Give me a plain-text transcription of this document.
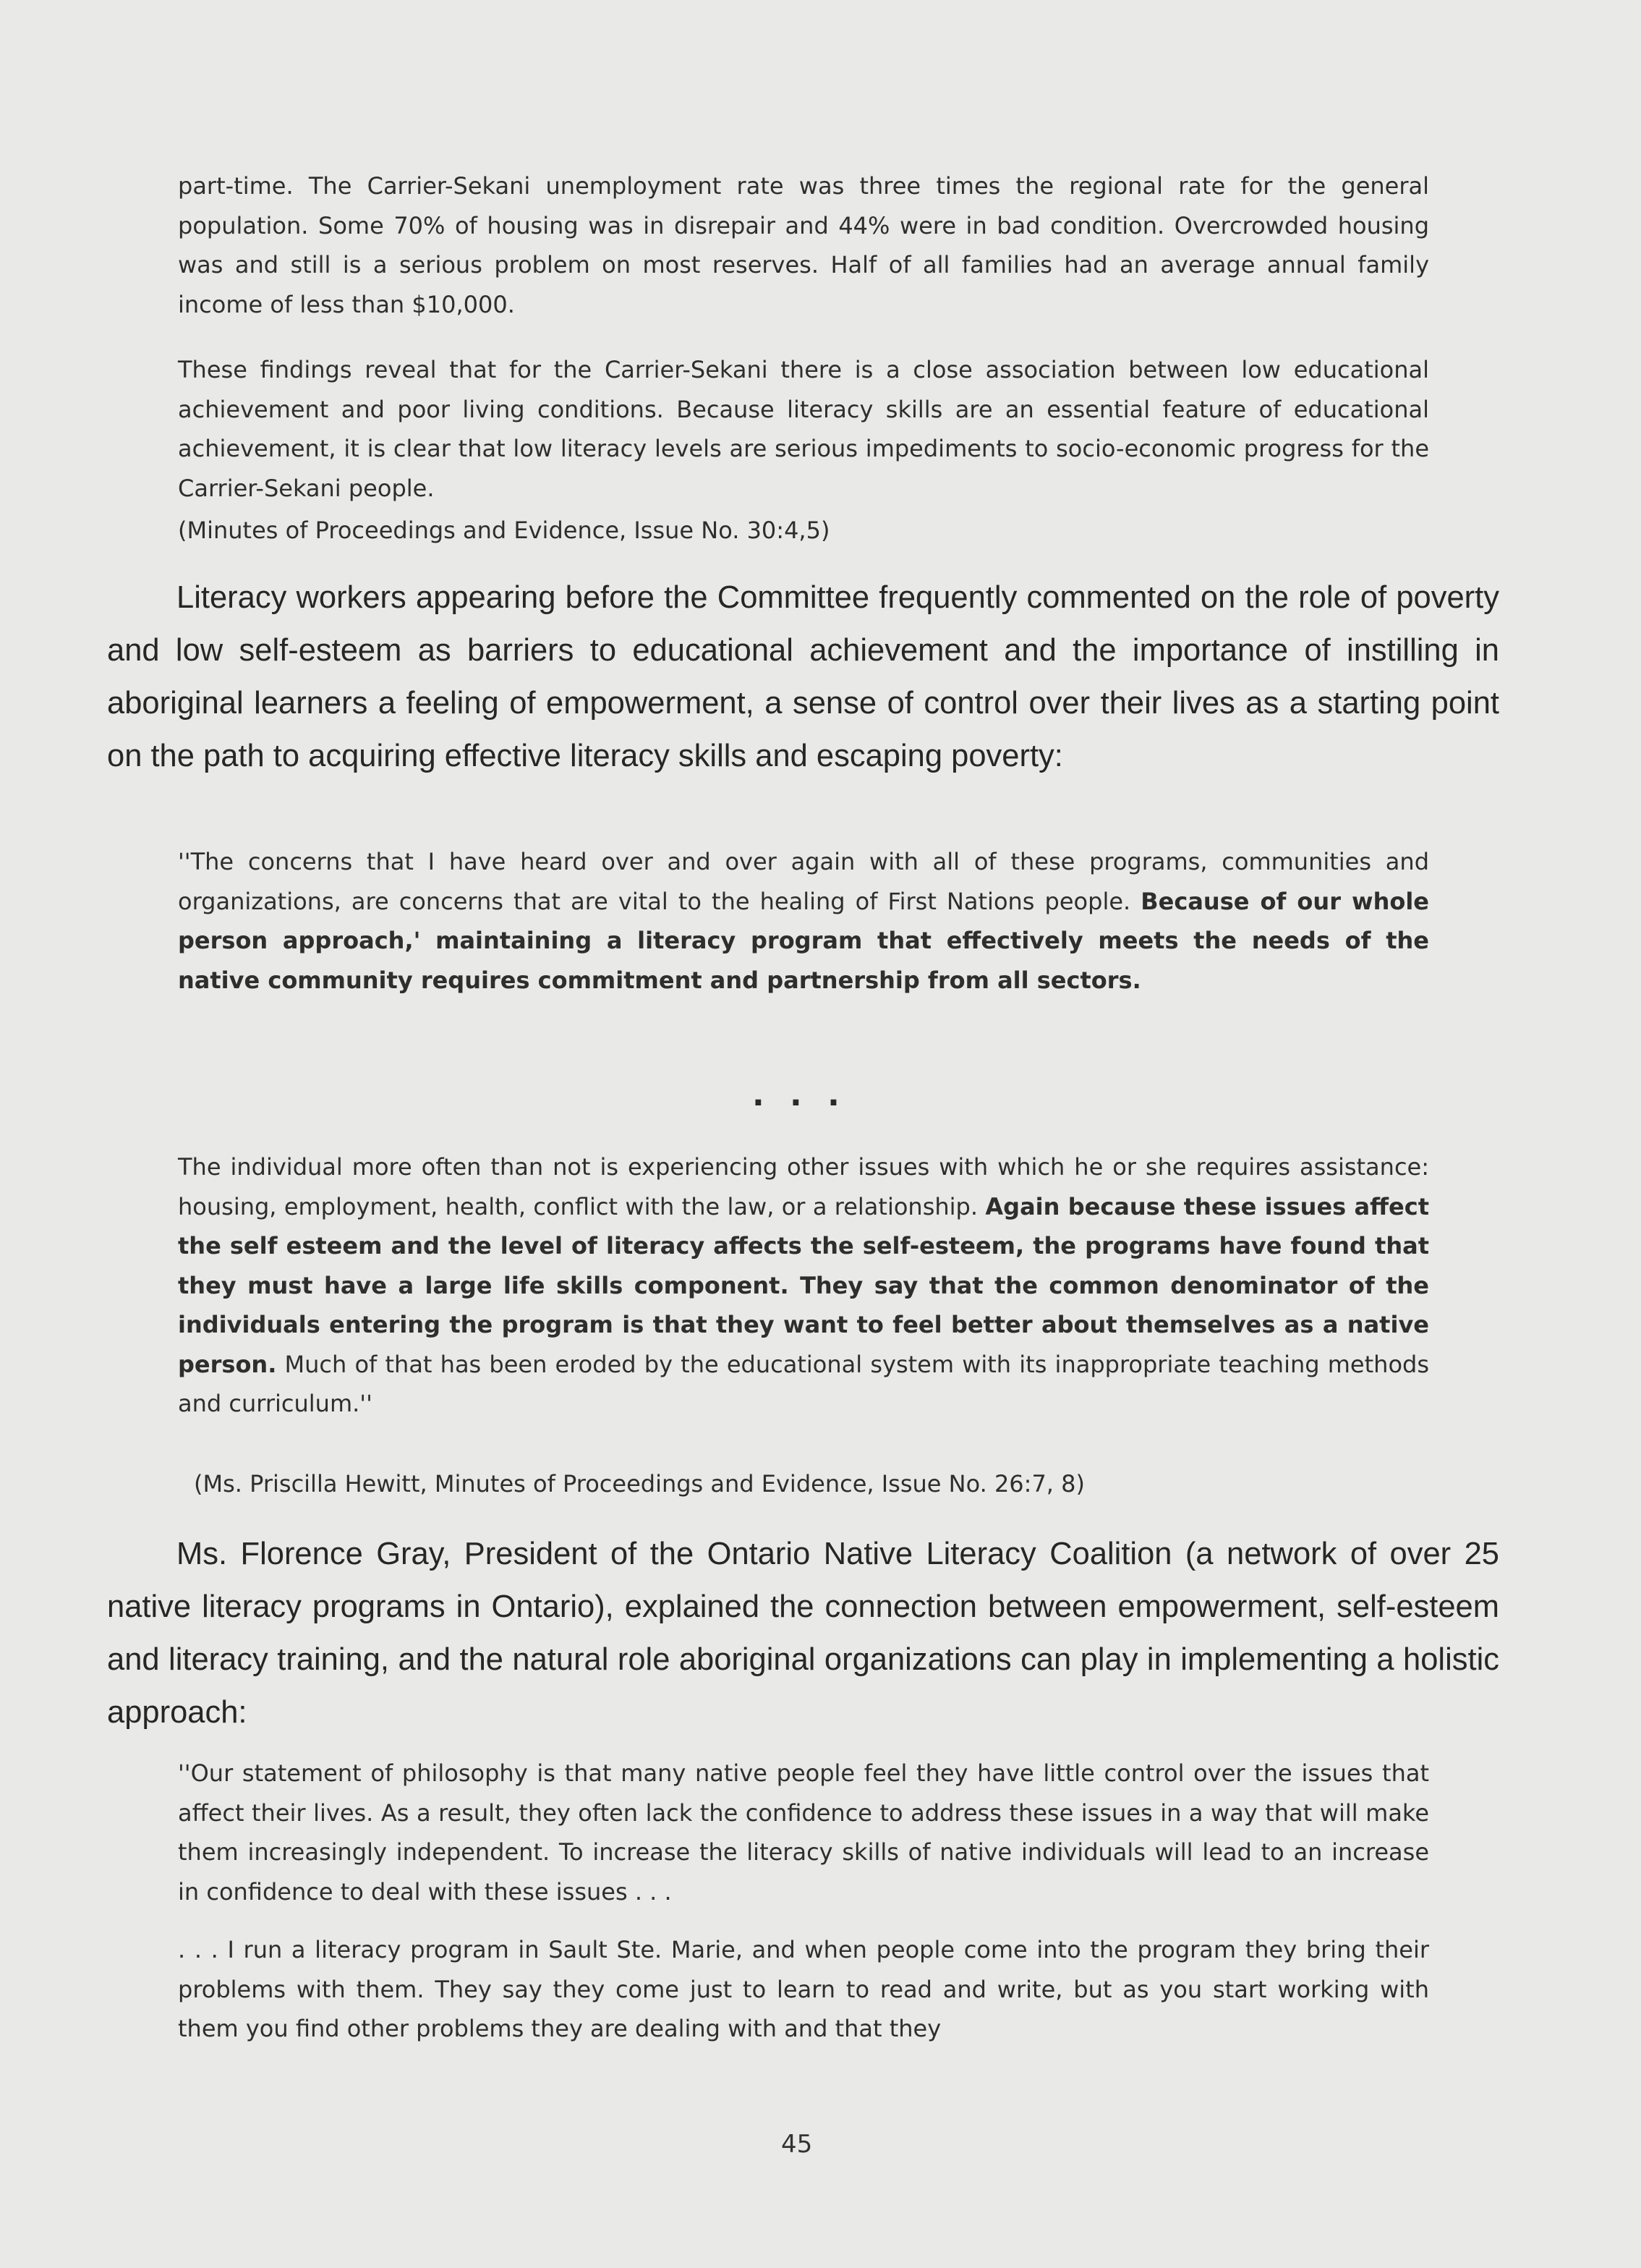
part-time. The Carrier-Sekani unemployment rate was three times the regional rate for the general population. Some 70% of housing was in disrepair and 44% were in bad condition. Overcrowded housing was and still is a serious problem on most reserves. Half of all families had an average annual family income of less than $10,000.

These findings reveal that for the Carrier-Sekani there is a close association between low educational achievement and poor living conditions. Because literacy skills are an essential feature of educational achievement, it is clear that low literacy levels are serious impediments to socio-economic progress for the Carrier-Sekani people.

(Minutes of Proceedings and Evidence, Issue No. 30:4,5)

Literacy workers appearing before the Committee frequently commented on the role of poverty and low self-esteem as barriers to educational achievement and the importance of instilling in aboriginal learners a feeling of empowerment, a sense of control over their lives as a starting point on the path to acquiring effective literacy skills and escaping poverty:

''The concerns that I have heard over and over again with all of these programs, communities and organizations, are concerns that are vital to the healing of First Nations people. Because of our whole person approach,' maintaining a literacy program that effectively meets the needs of the native community requires commitment and partnership from all sectors.

. . .

The individual more often than not is experiencing other issues with which he or she requires assistance: housing, employment, health, conflict with the law, or a relationship. Again because these issues affect the self esteem and the level of literacy affects the self-esteem, the programs have found that they must have a large life skills component. They say that the common denominator of the individuals entering the program is that they want to feel better about themselves as a native person. Much of that has been eroded by the educational system with its inappropriate teaching methods and curriculum.''

(Ms. Priscilla Hewitt, Minutes of Proceedings and Evidence, Issue No. 26:7, 8)

Ms. Florence Gray, President of the Ontario Native Literacy Coalition (a network of over 25 native literacy programs in Ontario), explained the connection between empowerment, self-esteem and literacy training, and the natural role aboriginal organizations can play in implementing a holistic approach:

''Our statement of philosophy is that many native people feel they have little control over the issues that affect their lives. As a result, they often lack the confidence to address these issues in a way that will make them increasingly independent. To increase the literacy skills of native individuals will lead to an increase in confidence to deal with these issues . . .

. . . I run a literacy program in Sault Ste. Marie, and when people come into the program they bring their problems with them. They say they come just to learn to read and write, but as you start working with them you find other problems they are dealing with and that they

45
